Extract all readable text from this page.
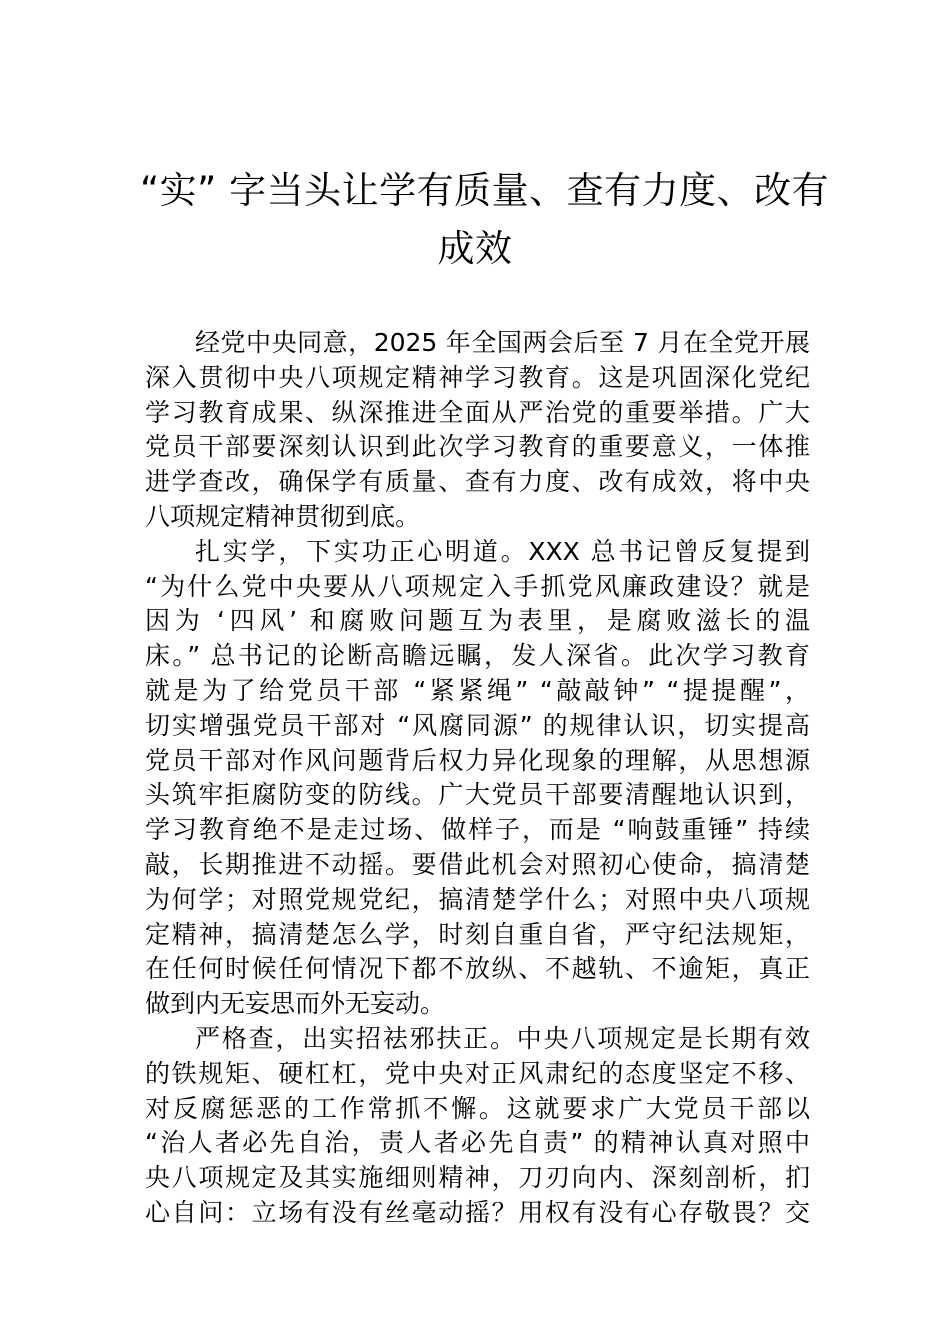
“实” 字当头让学有质量、查有力度、改有
成效
经党中央同意，2025 年全国两会后至 7 月在全党开展
深入贯彻中央八项规定精神学习教育。这是巩固深化党纪
学习教育成果、纵深推进全面从严治党的重要举措。广大
党员干部要深刻认识到此次学习教育的重要意义，一体推
进学查改，确保学有质量、查有力度、改有成效，将中央
八项规定精神贯彻到底。
扎实学，下实功正心明道。XXX 总书记曾反复提到
“为什么党中央要从八项规定入手抓党风廉政建设？就是
因为 ‘四风’ 和腐败问题互为表里，是腐败滋长的温
床。” 总书记的论断高瞻远瞩，发人深省。此次学习教育
就是为了给党员干部 “紧紧绳” “敲敲钟” “提提醒”，
切实增强党员干部对 “风腐同源” 的规律认识，切实提高
党员干部对作风问题背后权力异化现象的理解，从思想源
头筑牢拒腐防变的防线。广大党员干部要清醒地认识到，
学习教育绝不是走过场、做样子，而是 “响鼓重锤” 持续
敲，长期推进不动摇。要借此机会对照初心使命，搞清楚
为何学；对照党规党纪，搞清楚学什么；对照中央八项规
定精神，搞清楚怎么学，时刻自重自省，严守纪法规矩，
在任何时候任何情况下都不放纵、不越轨、不逾矩，真正
做到内无妄思而外无妄动。
严格查，出实招祛邪扶正。中央八项规定是长期有效
的铁规矩、硬杠杠，党中央对正风肃纪的态度坚定不移、
对反腐惩恶的工作常抓不懈。这就要求广大党员干部以
“治人者必先自治，责人者必先自责” 的精神认真对照中
央八项规定及其实施细则精神，刀刃向内、深刻剖析，扪
心自问：立场有没有丝毫动摇？用权有没有心存敬畏？交
